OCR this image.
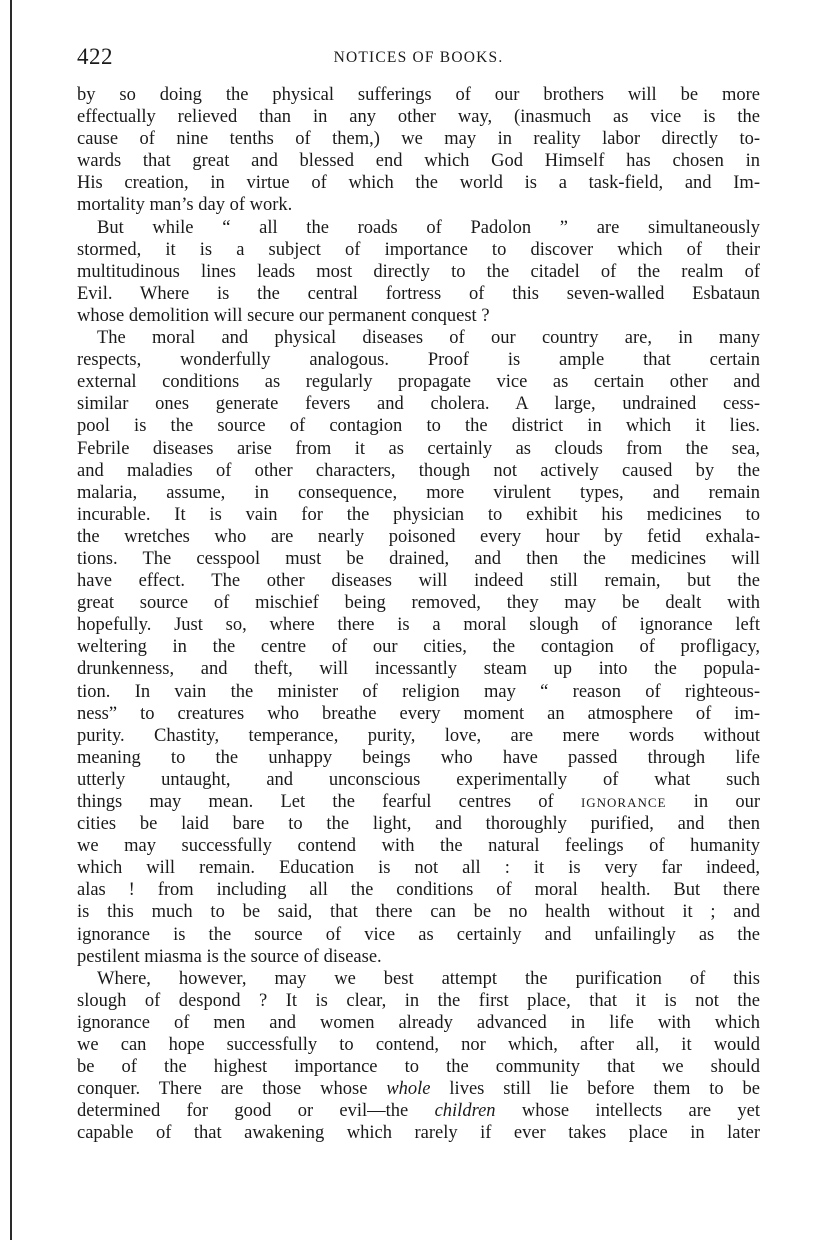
422	NOTICES OF BOOKS.
by so doing the physical sufferings of our brothers will be more
effectually relieved than in any other way, (inasmuch as vice is the
cause of nine tenths of them,) we may in reality labor directly to-
wards that great and blessed end which God Himself has chosen in
His creation, in virtue of which the world is a task-field, and Im-
mortality man’s day of work.
But while “ all the roads of Padolon ” are simultaneously
stormed, it is a subject of importance to discover which of their
multitudinous lines leads most directly to the citadel of the realm of
Evil. Where is the central fortress of this seven-walled Esbataun
whose demolition will secure our permanent conquest ?
The moral and physical diseases of our country are, in many
respects, wonderfully analogous. Proof is ample that certain
external conditions as regularly propagate vice as certain other and
similar ones generate fevers and cholera. A large, undrained cess-
pool is the source of contagion to the district in which it lies.
Febrile diseases arise from it as certainly as clouds from the sea,
and maladies of other characters, though not actively caused by the
malaria, assume, in consequence, more virulent types, and remain
incurable. It is vain for the physician to exhibit his medicines to
the wretches who are nearly poisoned every hour by fetid exhala-
tions. The cesspool must be drained, and then the medicines will
have effect. The other diseases will indeed still remain, but the
great source of mischief being removed, they may be dealt with
hopefully. Just so, where there is a moral slough of ignorance left
weltering in the centre of our cities, the contagion of profligacy,
drunkenness, and theft, will incessantly steam up into the popula-
tion. In vain the minister of religion may “ reason of righteous-
ness” to creatures who breathe every moment an atmosphere of im-
purity. Chastity, temperance, purity, love, are mere words without
meaning to the unhappy beings who have passed through life
utterly untaught, and unconscious experimentally of what such
things may mean. Let the fearful centres of ignorance in our
cities be laid bare to the light, and thoroughly purified, and then
we may successfully contend with the natural feelings of humanity
which will remain. Education is not all : it is very far indeed,
alas ! from including all the conditions of moral health. But there
is this much to be said, that there can be no health without it ; and
ignorance is the source of vice as certainly and unfailingly as the
pestilent miasma is the source of disease.
Where, however, may we best attempt the purification of this
slough of despond ? It is clear, in the first place, that it is not the
ignorance of men and women already advanced in life with which
we can hope successfully to contend, nor which, after all, it would
be of the highest importance to the community that we should
conquer. There are those whose whole lives still lie before them to be
determined for good or evil—the children whose intellects are yet
capable of that awakening which rarely if ever takes place in later
